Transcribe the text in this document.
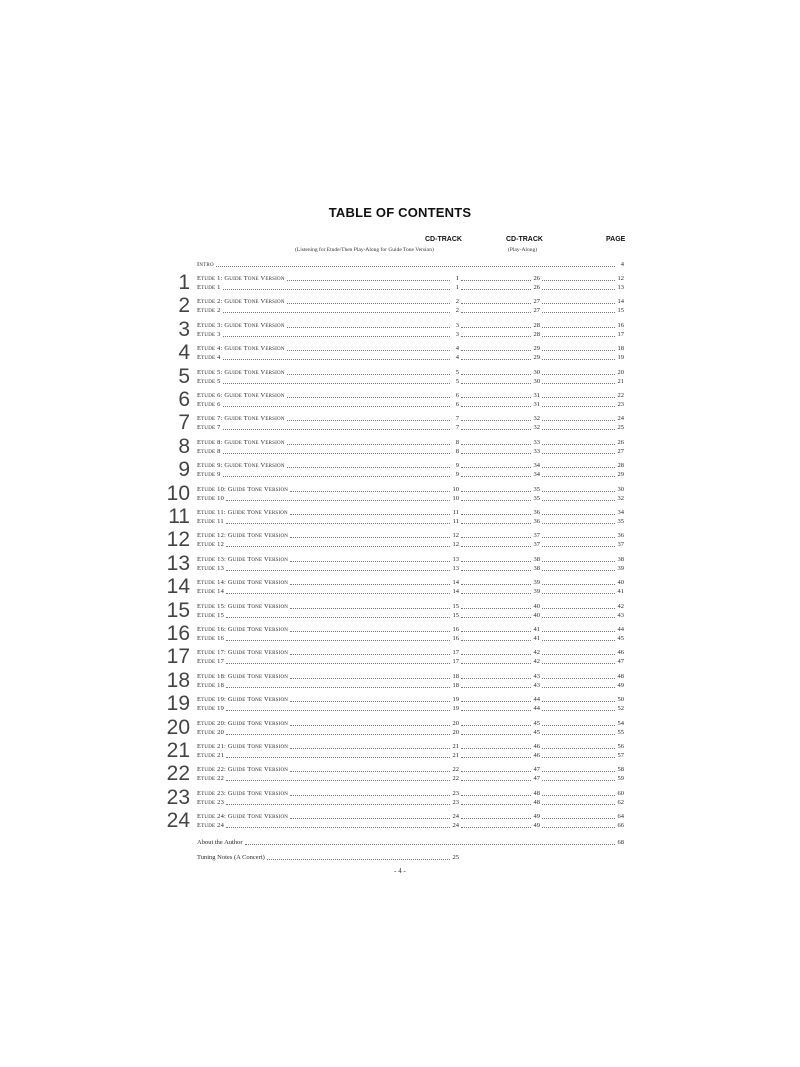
TABLE OF CONTENTS
CD-TRACK
(Listening for Etude/Then Play-Along for Guide Tone Version)
CD-TRACK
(Play-Along)
PAGE
Intro	4
1 Etude 1: Guide Tone Version	1	26	12
Etude 1	1	26	13
2 Etude 2: Guide Tone Version	2	27	14
Etude 2	2	27	15
3 Etude 3: Guide Tone Version	3	28	16
Etude 3	3	28	17
4 Etude 4: Guide Tone Version	4	29	18
Etude 4	4	29	19
5 Etude 5: Guide Tone Version	5	30	20
Etude 5	5	30	21
6 Etude 6: Guide Tone Version	6	31	22
Etude 6	6	31	23
7 Etude 7: Guide Tone Version	7	32	24
Etude 7	7	32	25
8 Etude 8: Guide Tone Version	8	33	26
Etude 8	8	33	27
9 Etude 9: Guide Tone Version	9	34	28
Etude 9	9	34	29
10 Etude 10: Guide Tone Version	10	35	30
Etude 10	10	35	32
11 Etude 11: Guide Tone Version	11	36	34
Etude 11	11	36	35
12 Etude 12: Guide Tone Version	12	37	36
Etude 12	12	37	37
13 Etude 13: Guide Tone Version	13	38	38
Etude 13	13	38	39
14 Etude 14: Guide Tone Version	14	39	40
Etude 14	14	39	41
15 Etude 15: Guide Tone Version	15	40	42
Etude 15	15	40	43
16 Etude 16: Guide Tone Version	16	41	44
Etude 16	16	41	45
17 Etude 17: Guide Tone Version	17	42	46
Etude 17	17	42	47
18 Etude 18: Guide Tone Version	18	43	48
Etude 18	18	43	49
19 Etude 19: Guide Tone Version	19	44	50
Etude 19	19	44	52
20 Etude 20: Guide Tone Version	20	45	54
Etude 20	20	45	55
21 Etude 21: Guide Tone Version	21	46	56
Etude 21	21	46	57
22 Etude 22: Guide Tone Version	22	47	58
Etude 22	22	47	59
23 Etude 23: Guide Tone Version	23	48	60
Etude 23	23	48	62
24 Etude 24: Guide Tone Version	24	49	64
Etude 24	24	49	66
About the Author	68
Tuning Notes (A Concert)	25
- 4 -
